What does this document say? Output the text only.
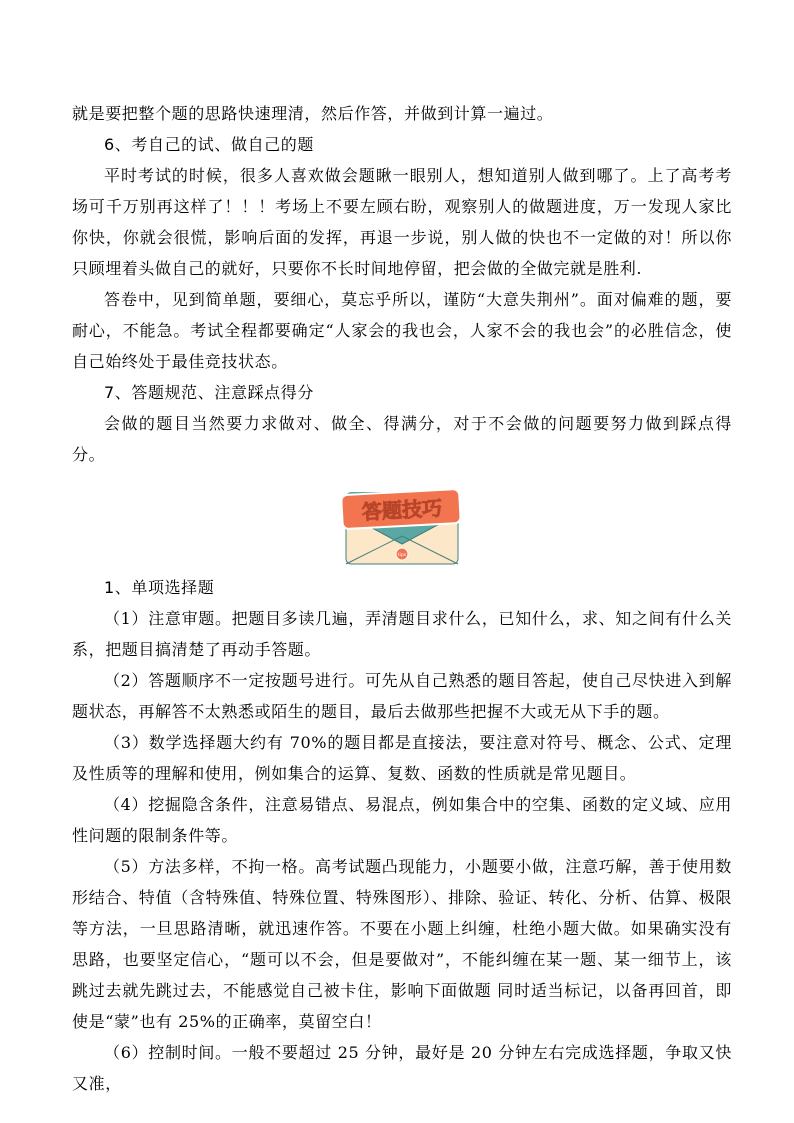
就是要把整个题的思路快速理清，然后作答，并做到计算一遍过。

6、考自己的试、做自己的题

平时考试的时候，很多人喜欢做会题瞅一眼别人，想知道别人做到哪了。上了高考考场可千万别再这样了！！！考场上不要左顾右盼，观察别人的做题进度，万一发现人家比你快，你就会很慌，影响后面的发挥，再退一步说，别人做的快也不一定做的对！所以你只顾埋着头做自己的就好，只要你不长时间地停留，把会做的全做完就是胜利.

答卷中，见到简单题，要细心，莫忘乎所以，谨防“大意失荆州”。面对偏难的题，要耐心，不能急。考试全程都要确定“人家会的我也会，人家不会的我也会”的必胜信念，使自己始终处于最佳竞技状态。

7、答题规范、注意踩点得分

会做的题目当然要力求做对、做全、得满分，对于不会做的问题要努力做到踩点得分。

答题技巧
tips

1、单项选择题

（1）注意审题。把题目多读几遍，弄清题目求什么，已知什么，求、知之间有什么关系，把题目搞清楚了再动手答题。

（2）答题顺序不一定按题号进行。可先从自己熟悉的题目答起，使自己尽快进入到解题状态，再解答不太熟悉或陌生的题目，最后去做那些把握不大或无从下手的题。

（3）数学选择题大约有 70%的题目都是直接法，要注意对符号、概念、公式、定理及性质等的理解和使用，例如集合的运算、复数、函数的性质就是常见题目。

（4）挖掘隐含条件，注意易错点、易混点，例如集合中的空集、函数的定义域、应用性问题的限制条件等。

（5）方法多样，不拘一格。高考试题凸现能力，小题要小做，注意巧解，善于使用数形结合、特值（含特殊值、特殊位置、特殊图形）、排除、验证、转化、分析、估算、极限等方法，一旦思路清晰，就迅速作答。不要在小题上纠缠，杜绝小题大做。如果确实没有思路，也要坚定信心，“题可以不会，但是要做对”，不能纠缠在某一题、某一细节上，该跳过去就先跳过去，不能感觉自己被卡住，影响下面做题 同时适当标记，以备再回首，即使是“蒙”也有 25%的正确率，莫留空白！

（6）控制时间。一般不要超过 25 分钟，最好是 20 分钟左右完成选择题，争取又快又准，
